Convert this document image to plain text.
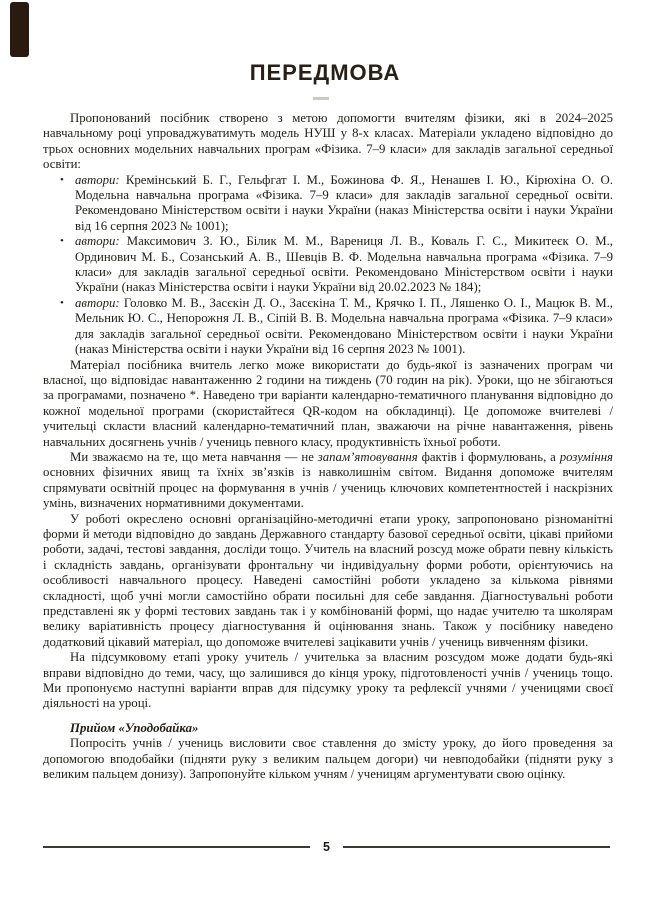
ПЕРЕДМОВА
Пропонований посібник створено з метою допомогти вчителям фізики, які в 2024–2025 навчальному році упроваджуватимуть модель НУШ у 8-х класах. Матеріали укладено відповідно до трьох основних модельних навчальних програм «Фізика. 7–9 класи» для закладів загальної середньої освіти:
• автори: Кремінський Б. Г., Гельфгат І. М., Божинова Ф. Я., Ненашев І. Ю., Кірюхіна О. О. Модельна навчальна програма «Фізика. 7–9 класи» для закладів загальної середньої освіти. Рекомендовано Міністерством освіти і науки України (наказ Міністерства освіти і науки України від 16 серпня 2023 № 1001);
• автори: Максимович З. Ю., Білик М. М., Варениця Л. В., Коваль Г. С., Микитеєк О. М., Ординович М. Б., Созанський А. В., Шевців В. Ф. Модельна навчальна програма «Фізика. 7–9 класи» для закладів загальної середньої освіти. Рекомендовано Міністерством освіти і науки України (наказ Міністерства освіти і науки України від 20.02.2023 № 184);
• автори: Головко М. В., Засєкін Д. О., Засєкіна Т. М., Крячко І. П., Ляшенко О. І., Мацюк В. М., Мельник Ю. С., Непорожня Л. В., Сіпій В. В. Модельна навчальна програма «Фізика. 7–9 класи» для закладів загальної середньої освіти. Рекомендовано Міністерством освіти і науки України (наказ Міністерства освіти і науки України від 16 серпня 2023 № 1001).
Матеріал посібника вчитель легко може використати до будь-якої із зазначених програм чи власної, що відповідає навантаженню 2 години на тиждень (70 годин на рік). Уроки, що не збігаються за програмами, позначено *. Наведено три варіанти календарно-тематичного планування відповідно до кожної модельної програми (скористайтеся QR-кодом на обкладинці). Це допоможе вчителеві / учительці скласти власний календарно-тематичний план, зважаючи на річне навантаження, рівень навчальних досягнень учнів / учениць певного класу, продуктивність їхньої роботи.
Ми зважаємо на те, що мета навчання — не запам’ятовування фактів і формулювань, а розуміння основних фізичних явищ та їхніх зв’язків із навколишнім світом. Видання допоможе вчителям спрямувати освітній процес на формування в учнів / учениць ключових компетентностей і наскрізних умінь, визначених нормативними документами.
У роботі окреслено основні організаційно-методичні етапи уроку, запропоновано різноманітні форми й методи відповідно до завдань Державного стандарту базової середньої освіти, цікаві прийоми роботи, задачі, тестові завдання, досліди тощо. Учитель на власний розсуд може обрати певну кількість і складність завдань, організувати фронтальну чи індивідуальну форми роботи, орієнтуючись на особливості навчального процесу. Наведені самостійні роботи укладено за кількома рівнями складності, щоб учні могли самостійно обрати посильні для себе завдання. Діагностувальні роботи представлені як у формі тестових завдань так і у комбінованій формі, що надає учителю та школярам велику варіативність процесу діагностування й оцінювання знань. Також у посібнику наведено додатковий цікавий матеріал, що допоможе вчителеві зацікавити учнів / учениць вивченням фізики.
На підсумковому етапі уроку учитель / учителька за власним розсудом може додати будь-які вправи відповідно до теми, часу, що залишився до кінця уроку, підготовленості учнів / учениць тощо. Ми пропонуємо наступні варіанти вправ для підсумку уроку та рефлексії учнями / ученицями своєї діяльності на уроці.
Прийом «Уподобайка»
Попросіть учнів / учениць висловити своє ставлення до змісту уроку, до його проведення за допомогою вподобайки (підняти руку з великим пальцем догори) чи невподобайки (підняти руку з великим пальцем донизу). Запропонуйте кільком учням / ученицям аргументувати свою оцінку.
5
